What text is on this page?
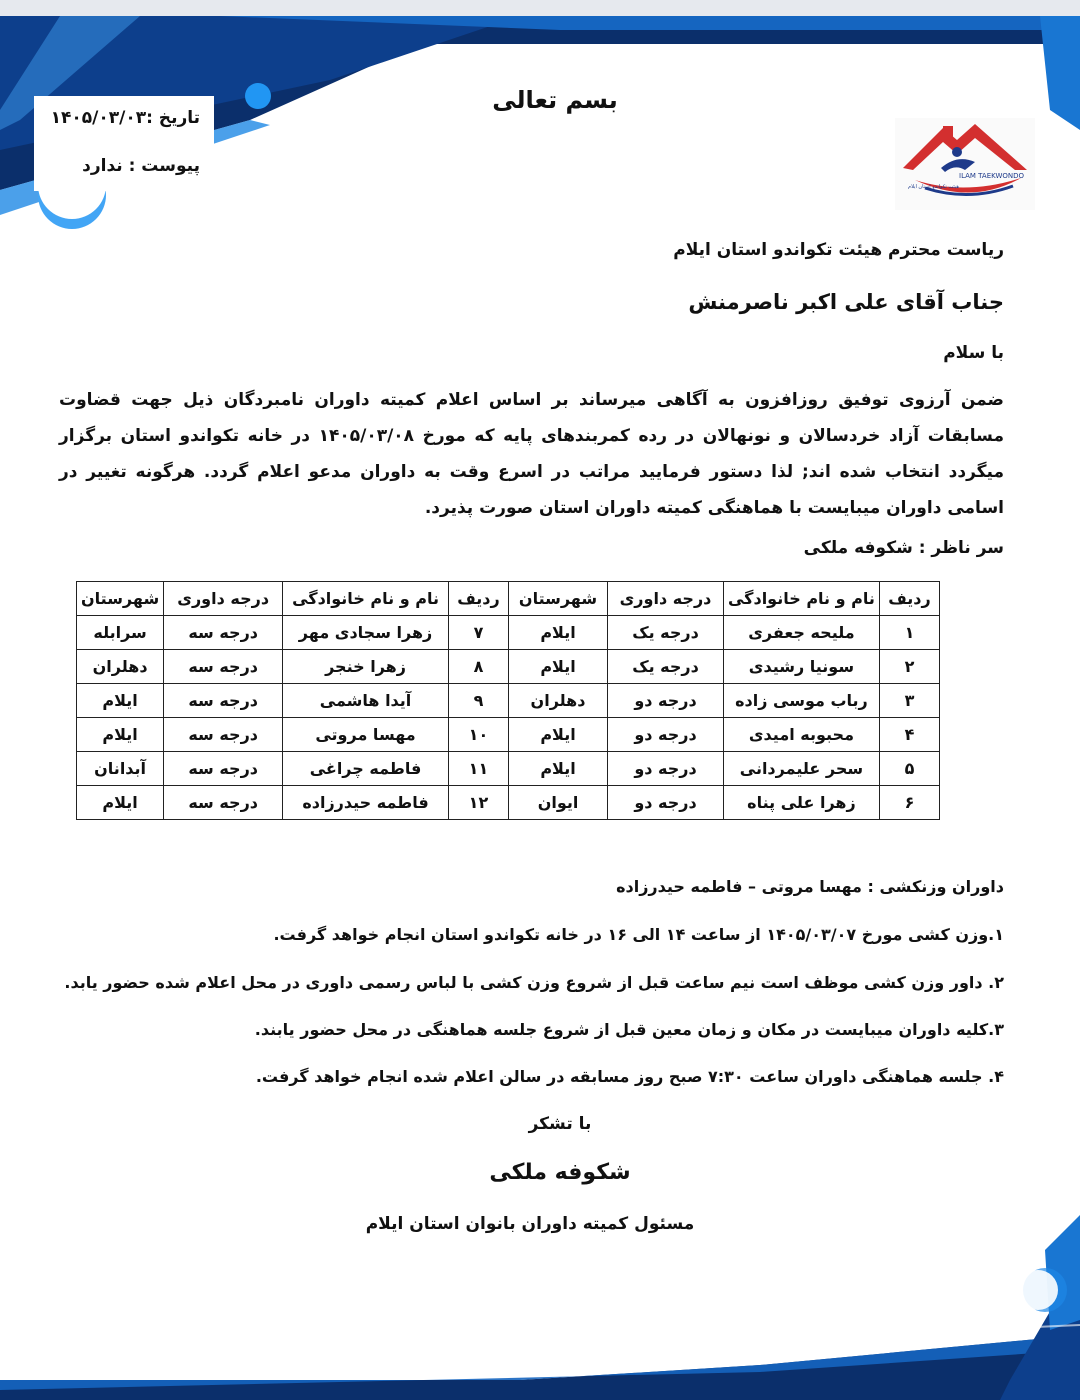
تاریخ :۱۴۰۵/۰۳/۰۳
پیوست : ندارد
بسم تعالی
ILAM TAEKWONDO
هیئت تکواندو استان ایلام
ریاست محترم هیئت تکواندو استان ایلام
جناب آقای علی اکبر ناصرمنش
با سلام
ضمن آرزوی توفیق روزافزون به آگاهی میرساند بر اساس اعلام کمیته داوران نامبردگان ذیل جهت قضاوت مسابقات آزاد خردسالان و نونهالان در رده کمربندهای پایه که مورخ ۱۴۰۵/۰۳/۰۸ در خانه تکواندو استان برگزار میگردد انتخاب شده اند; لذا دستور فرمایید مراتب در اسرع وقت به داوران مدعو اعلام گردد. هرگونه تغییر در اسامی داوران میبایست با هماهنگی کمیته داوران استان صورت پذیرد.
سر ناظر : شکوفه ملکی
ردیف	نام و نام خانوادگی	درجه داوری	شهرستان	ردیف	نام و نام خانوادگی	درجه داوری	شهرستان
۱	ملیحه جعفری	درجه یک	ایلام	۷	زهرا سجادی مهر	درجه سه	سرابله
۲	سونیا رشیدی	درجه یک	ایلام	۸	زهرا خنجر	درجه سه	دهلران
۳	رباب موسی زاده	درجه دو	دهلران	۹	آیدا هاشمی	درجه سه	ایلام
۴	محبوبه امیدی	درجه دو	ایلام	۱۰	مهسا مروتی	درجه سه	ایلام
۵	سحر علیمردانی	درجه دو	ایلام	۱۱	فاطمه چراغی	درجه سه	آبدانان
۶	زهرا علی پناه	درجه دو	ایوان	۱۲	فاطمه حیدرزاده	درجه سه	ایلام
داوران وزنکشی : مهسا مروتی – فاطمه حیدرزاده
۱.وزن کشی مورخ ۱۴۰۵/۰۳/۰۷ از ساعت ۱۴ الی ۱۶ در خانه تکواندو استان انجام خواهد گرفت.
۲. داور وزن کشی موظف است نیم ساعت قبل از شروع وزن کشی با لباس رسمی داوری در محل اعلام شده حضور یابد.
۳.کلیه داوران میبایست در مکان و زمان معین قبل از شروع جلسه هماهنگی در محل حضور یابند.
۴. جلسه هماهنگی داوران ساعت ۷:۳۰ صبح روز مسابقه در سالن اعلام شده انجام خواهد گرفت.
با تشکر
شکوفه ملکی
مسئول کمیته داوران بانوان استان ایلام
